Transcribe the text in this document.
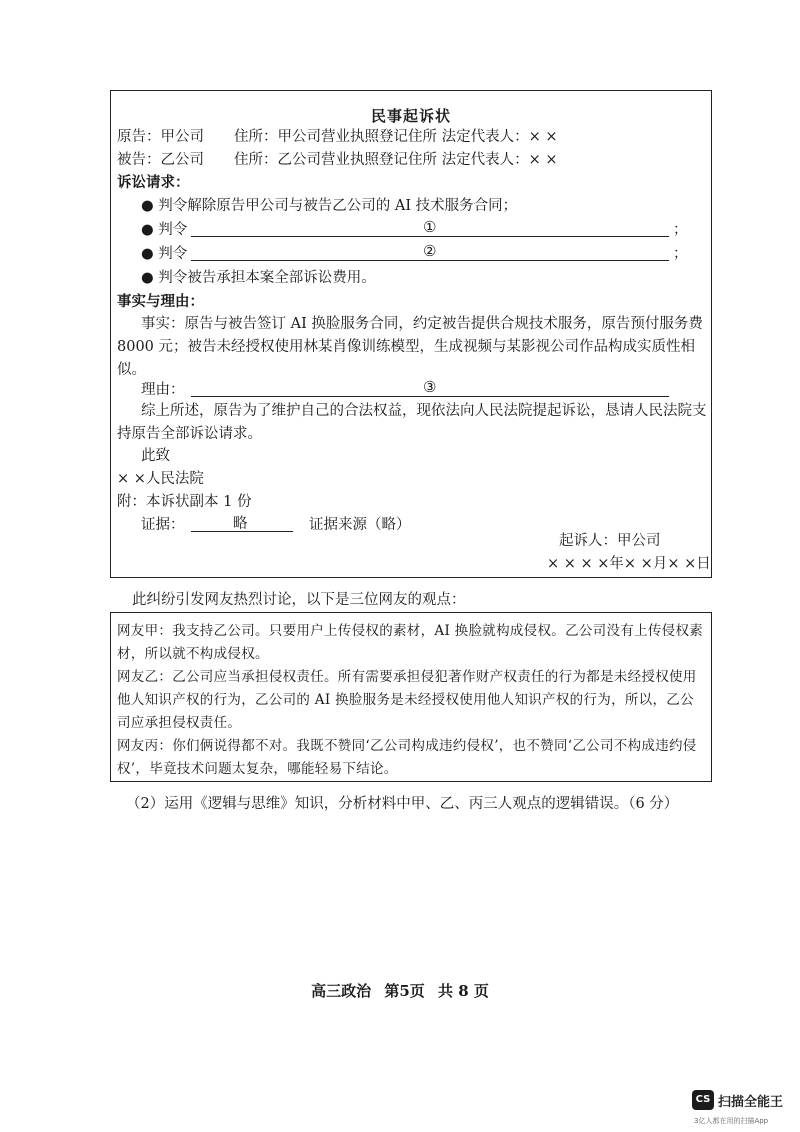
民事起诉状
原告：甲公司 住所：甲公司营业执照登记住所 法定代表人：× ×
被告：乙公司 住所：乙公司营业执照登记住所 法定代表人：× ×
诉讼请求：
● 判令解除原告甲公司与被告乙公司的 AI 技术服务合同；
● 判令	①	；
● 判令	②	；
● 判令被告承担本案全部诉讼费用。
事实与理由：
事实：原告与被告签订 AI 换脸服务合同，约定被告提供合规技术服务，原告预付服务费 8000 元；被告未经授权使用林某肖像训练模型，生成视频与某影视公司作品构成实质性相似。
理由：	③
综上所述，原告为了维护自己的合法权益，现依法向人民法院提起诉讼，恳请人民法院支持原告全部诉讼请求。
此致
× ×人民法院
附：本诉状副本 1 份
证据：	略	证据来源（略）
起诉人：甲公司
× × × ×年× ×月× ×日
此纠纷引发网友热烈讨论，以下是三位网友的观点：
网友甲：我支持乙公司。只要用户上传侵权的素材，AI 换脸就构成侵权。乙公司没有上传侵权素材，所以就不构成侵权。
网友乙：乙公司应当承担侵权责任。所有需要承担侵犯著作财产权责任的行为都是未经授权使用他人知识产权的行为，乙公司的 AI 换脸服务是未经授权使用他人知识产权的行为，所以，乙公司应承担侵权责任。
网友丙：你们俩说得都不对。我既不赞同‘乙公司构成违约侵权’，也不赞同‘乙公司不构成违约侵权’，毕竟技术问题太复杂，哪能轻易下结论。
（2）运用《逻辑与思维》知识，分析材料中甲、乙、丙三人观点的逻辑错误。（6 分）
高三政治 第5页 共 8 页
CS 扫描全能王
3亿人都在用的扫描App
